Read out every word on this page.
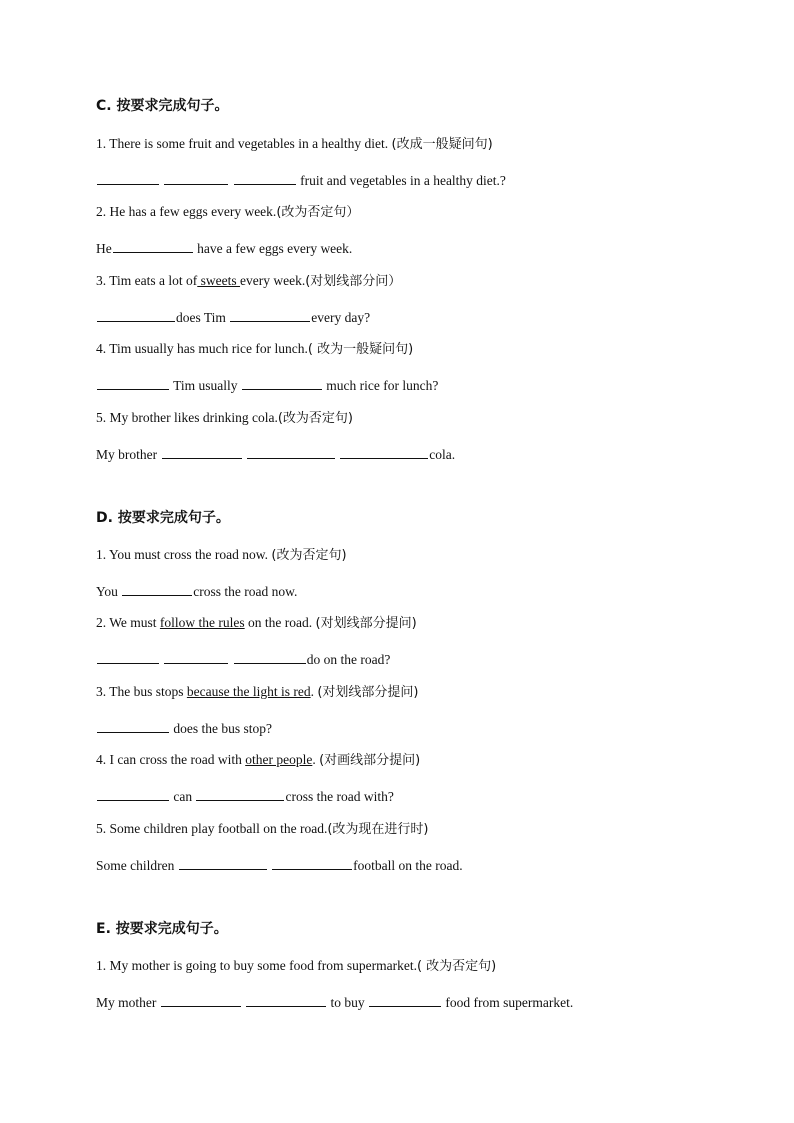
C. 按要求完成句子。
1. There is some fruit and vegetables in a healthy diet. (改成一般疑问句)
fruit and vegetables in a healthy diet.?
2. He has a few eggs every week.(改为否定句）
He	have a few eggs every week.
3. Tim eats a lot of sweets every week.(对划线部分问）
does Tim	every day?
4. Tim usually has much rice for lunch.( 改为一般疑问句)
Tim usually	much rice for lunch?
5. My brother likes drinking cola.(改为否定句)
My brother	cola.
D. 按要求完成句子。
1. You must cross the road now. (改为否定句)
You	cross the road now.
2. We must follow the rules on the road. (对划线部分提问)
do on the road?
3. The bus stops because the light is red. (对划线部分提问)
does the bus stop?
4. I can cross the road with other people. (对画线部分提问)
can	cross the road with?
5. Some children play football on the road.(改为现在进行时)
Some children	football on the road.
E. 按要求完成句子。
1. My mother is going to buy some food from supermarket.( 改为否定句)
My mother	to buy	food from supermarket.
